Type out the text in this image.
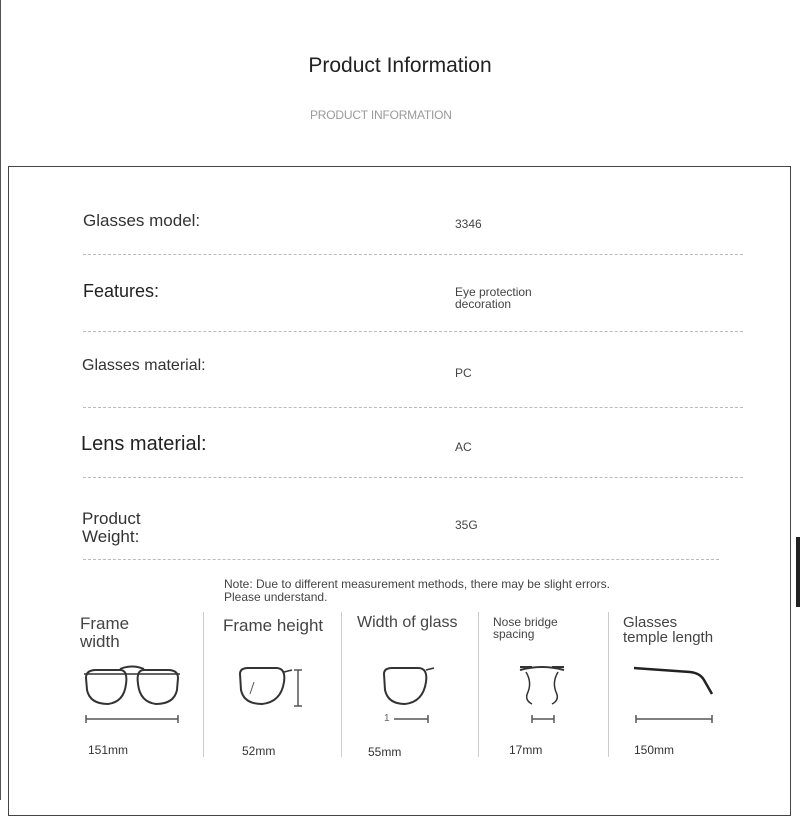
Product Information
PRODUCT INFORMATION
Glasses model:	3346
Features:	Eye protection
decoration
Glasses material:	PC
Lens material:	AC
Product
Weight:
35G
Note: Due to different measurement methods, there may be slight errors.
Please understand.
Frame
width
151mm
Frame height
52mm
Width of glass
1
55mm
Nose bridge
spacing
17mm
Glasses
temple length
150mm
